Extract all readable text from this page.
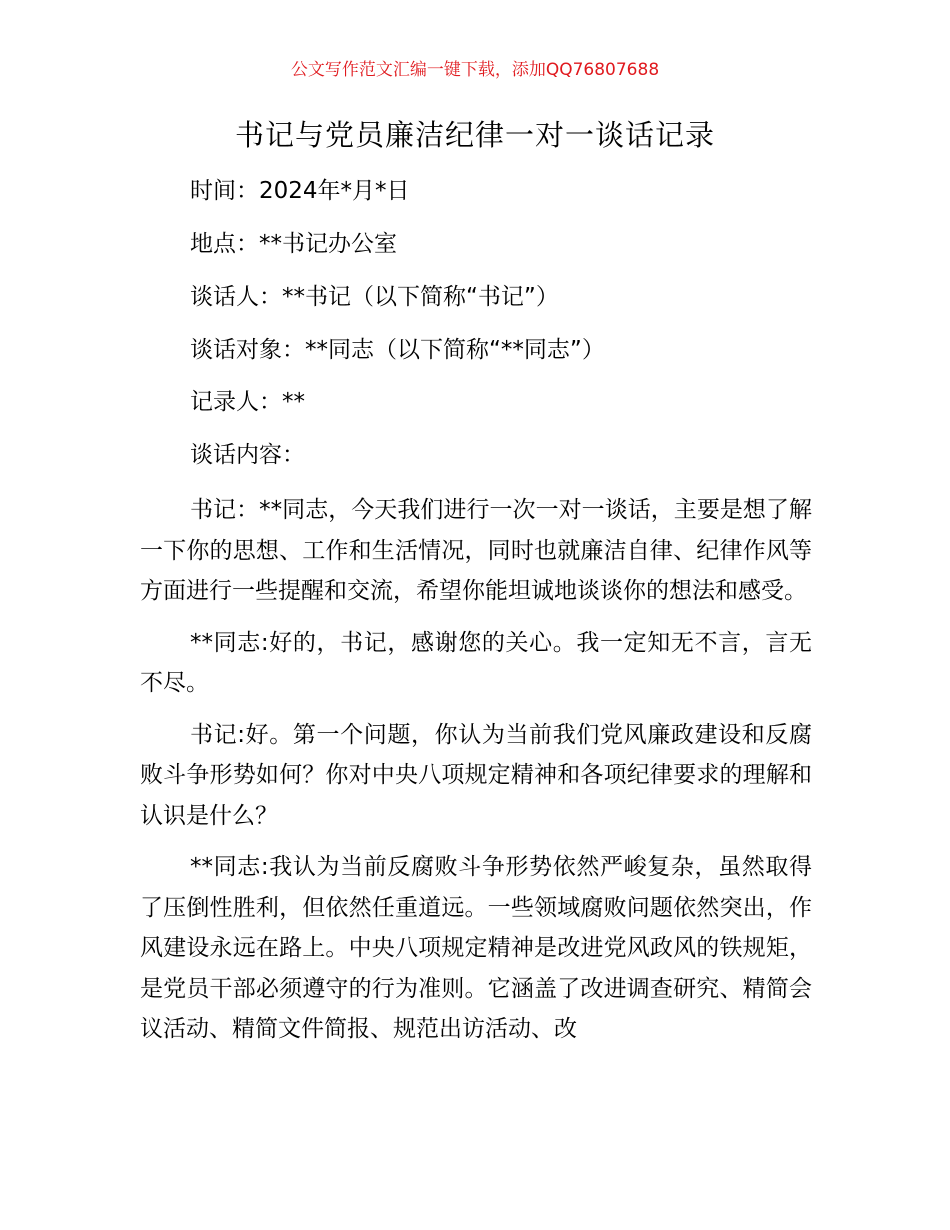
公文写作范文汇编一键下载，添加QQ76807688
书记与党员廉洁纪律一对一谈话记录
时间：2024年*月*日
地点：**书记办公室
谈话人：**书记（以下简称“书记”）
谈话对象：**同志（以下简称“**同志”）
记录人：**
谈话内容：

书记：**同志，今天我们进行一次一对一谈话，主要是想了解一下你的思想、工作和生活情况，同时也就廉洁自律、纪律作风等方面进行一些提醒和交流，希望你能坦诚地谈谈你的想法和感受。

**同志:好的，书记，感谢您的关心。我一定知无不言，言无不尽。

书记:好。第一个问题，你认为当前我们党风廉政建设和反腐败斗争形势如何？你对中央八项规定精神和各项纪律要求的理解和认识是什么？

**同志:我认为当前反腐败斗争形势依然严峻复杂，虽然取得了压倒性胜利，但依然任重道远。一些领域腐败问题依然突出，作风建设永远在路上。中央八项规定精神是改进党风政风的铁规矩，是党员干部必须遵守的行为准则。它涵盖了改进调查研究、精简会议活动、精简文件简报、规范出访活动、改
